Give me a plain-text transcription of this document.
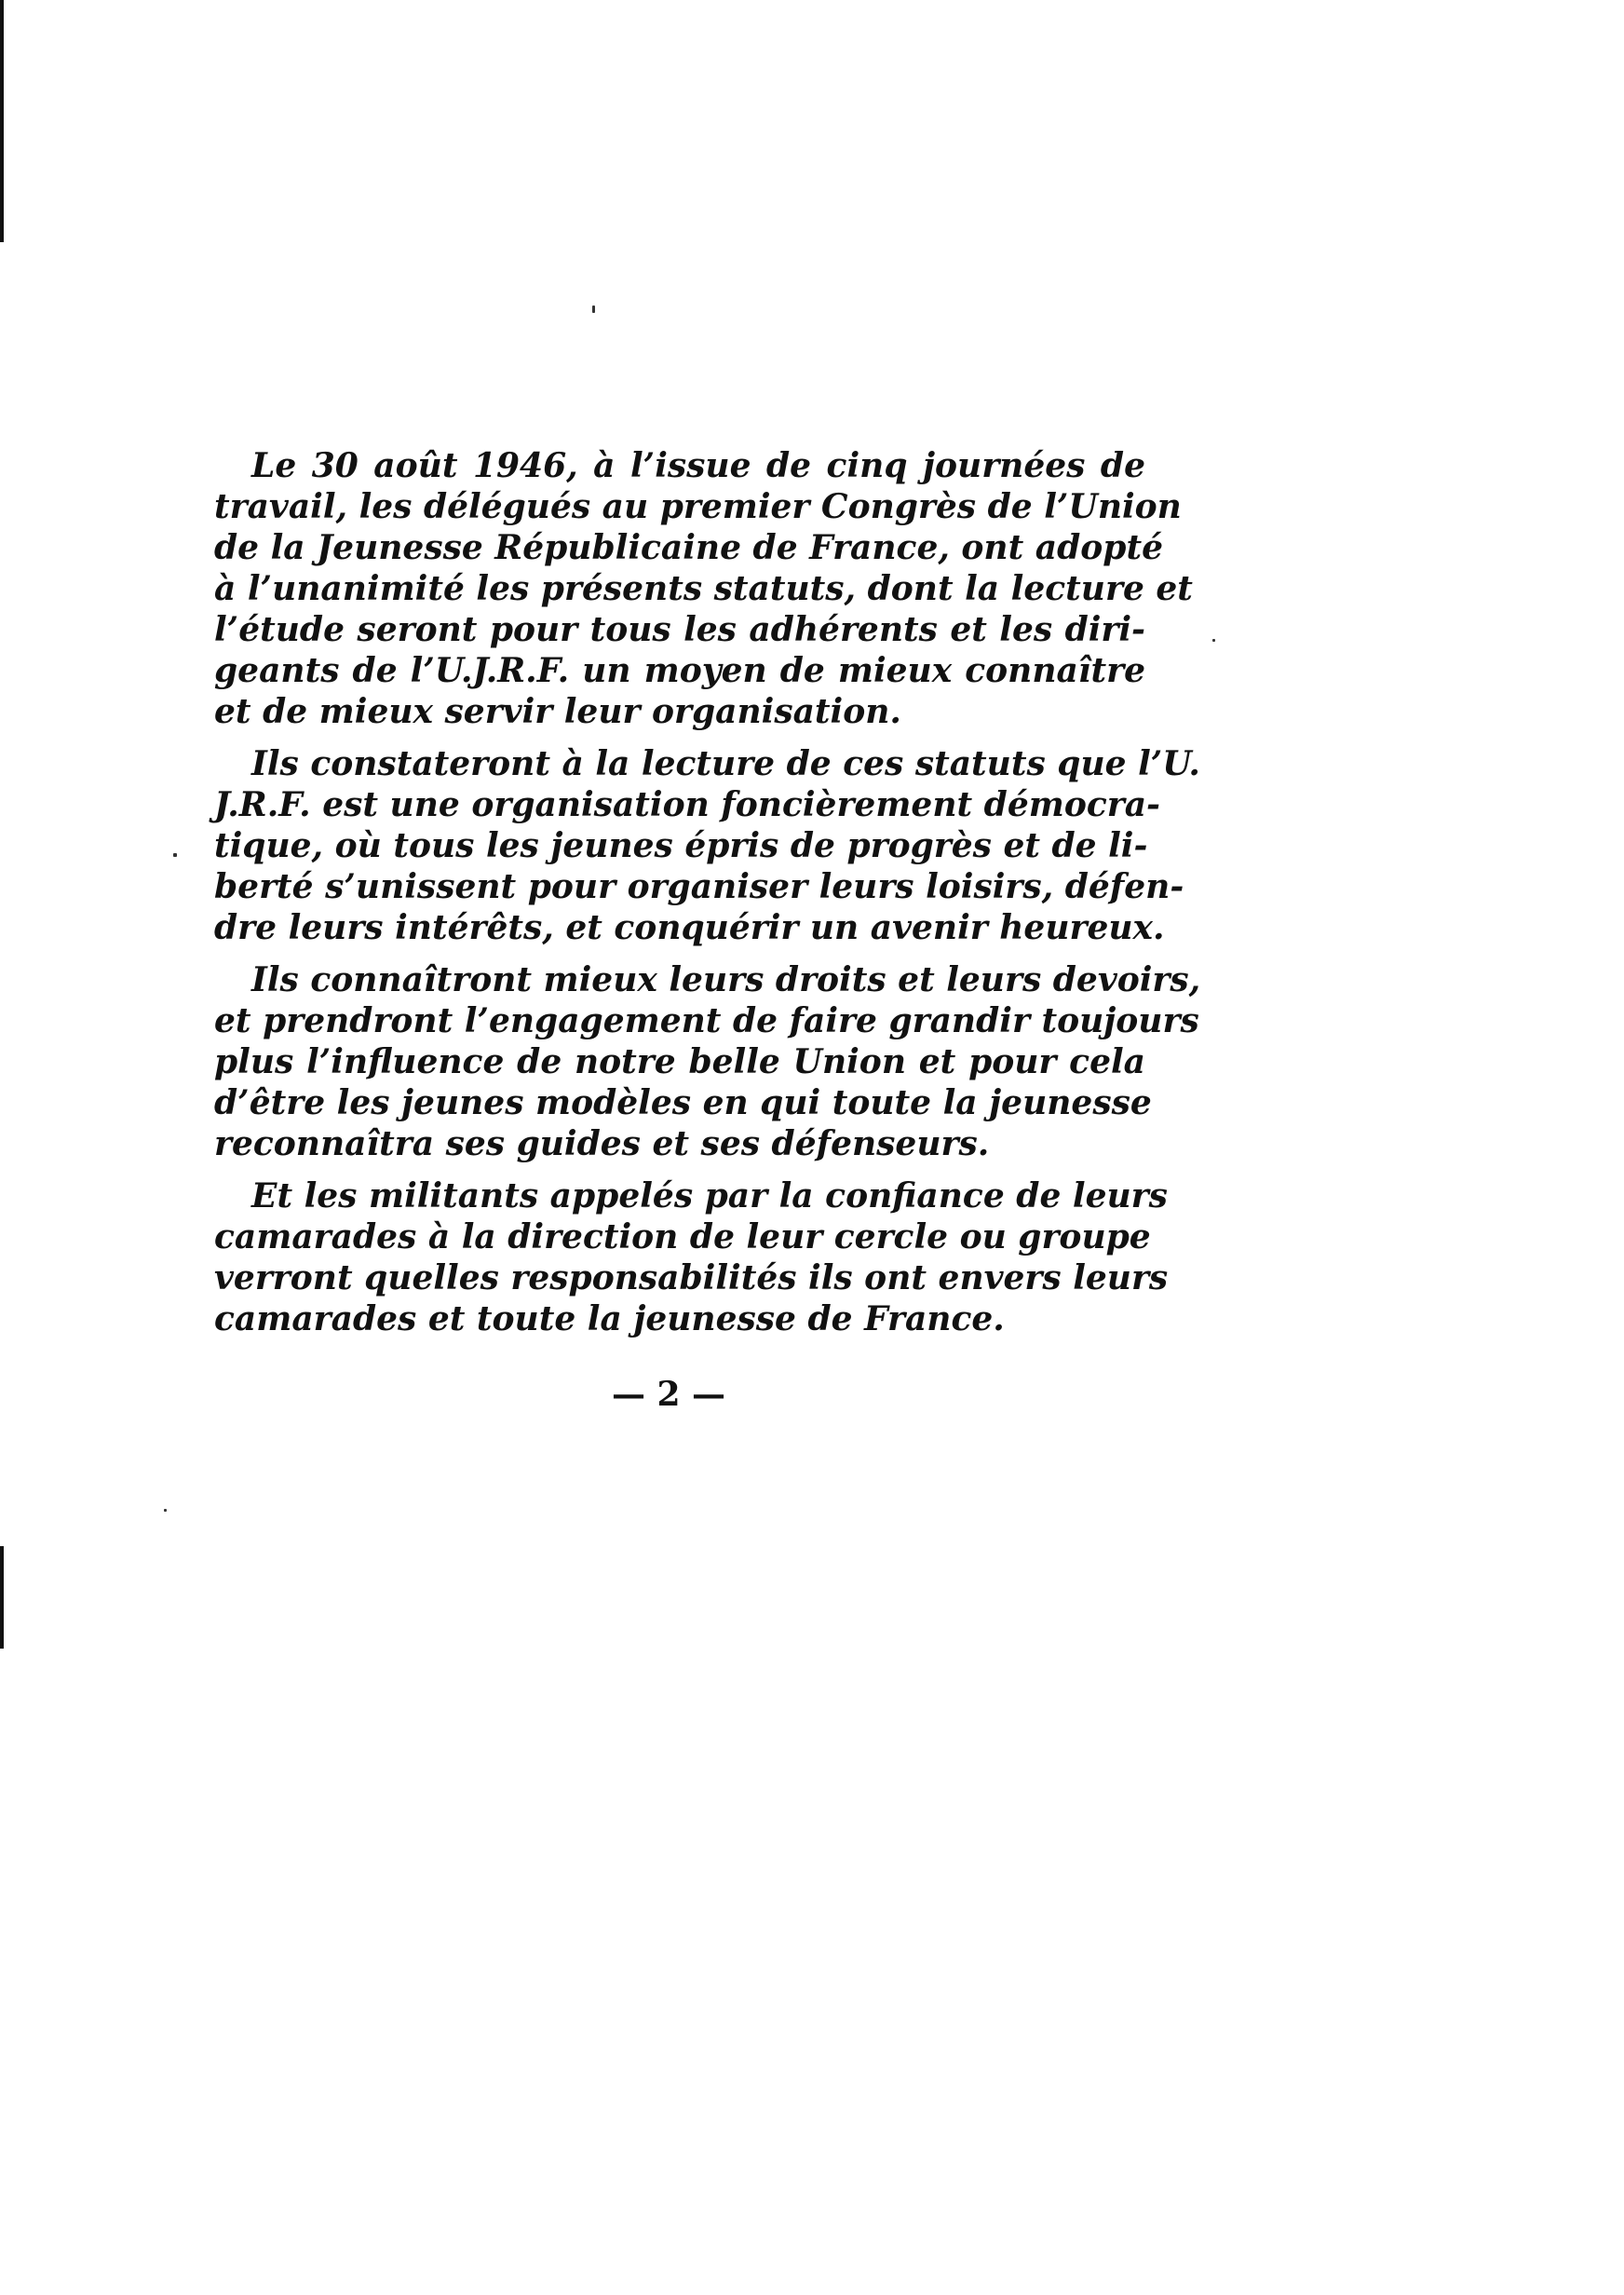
Le 30 août 1946, à l’issue de cinq journées de
travail, les délégués au premier Congrès de l’Union
de la Jeunesse Républicaine de France, ont adopté
à l’unanimité les présents statuts, dont la lecture et
l’étude seront pour tous les adhérents et les diri-
geants de l’U.J.R.F. un moyen de mieux connaître
et de mieux servir leur organisation.
Ils constateront à la lecture de ces statuts que l’U.
J.R.F. est une organisation foncièrement démocra-
tique, où tous les jeunes épris de progrès et de li-
berté s’unissent pour organiser leurs loisirs, défen-
dre leurs intérêts, et conquérir un avenir heureux.
Ils connaîtront mieux leurs droits et leurs devoirs,
et prendront l’engagement de faire grandir toujours
plus l’influence de notre belle Union et pour cela
d’être les jeunes modèles en qui toute la jeunesse
reconnaîtra ses guides et ses défenseurs.
Et les militants appelés par la confiance de leurs
camarades à la direction de leur cercle ou groupe
verront quelles responsabilités ils ont envers leurs
camarades et toute la jeunesse de France.
— 2 —
